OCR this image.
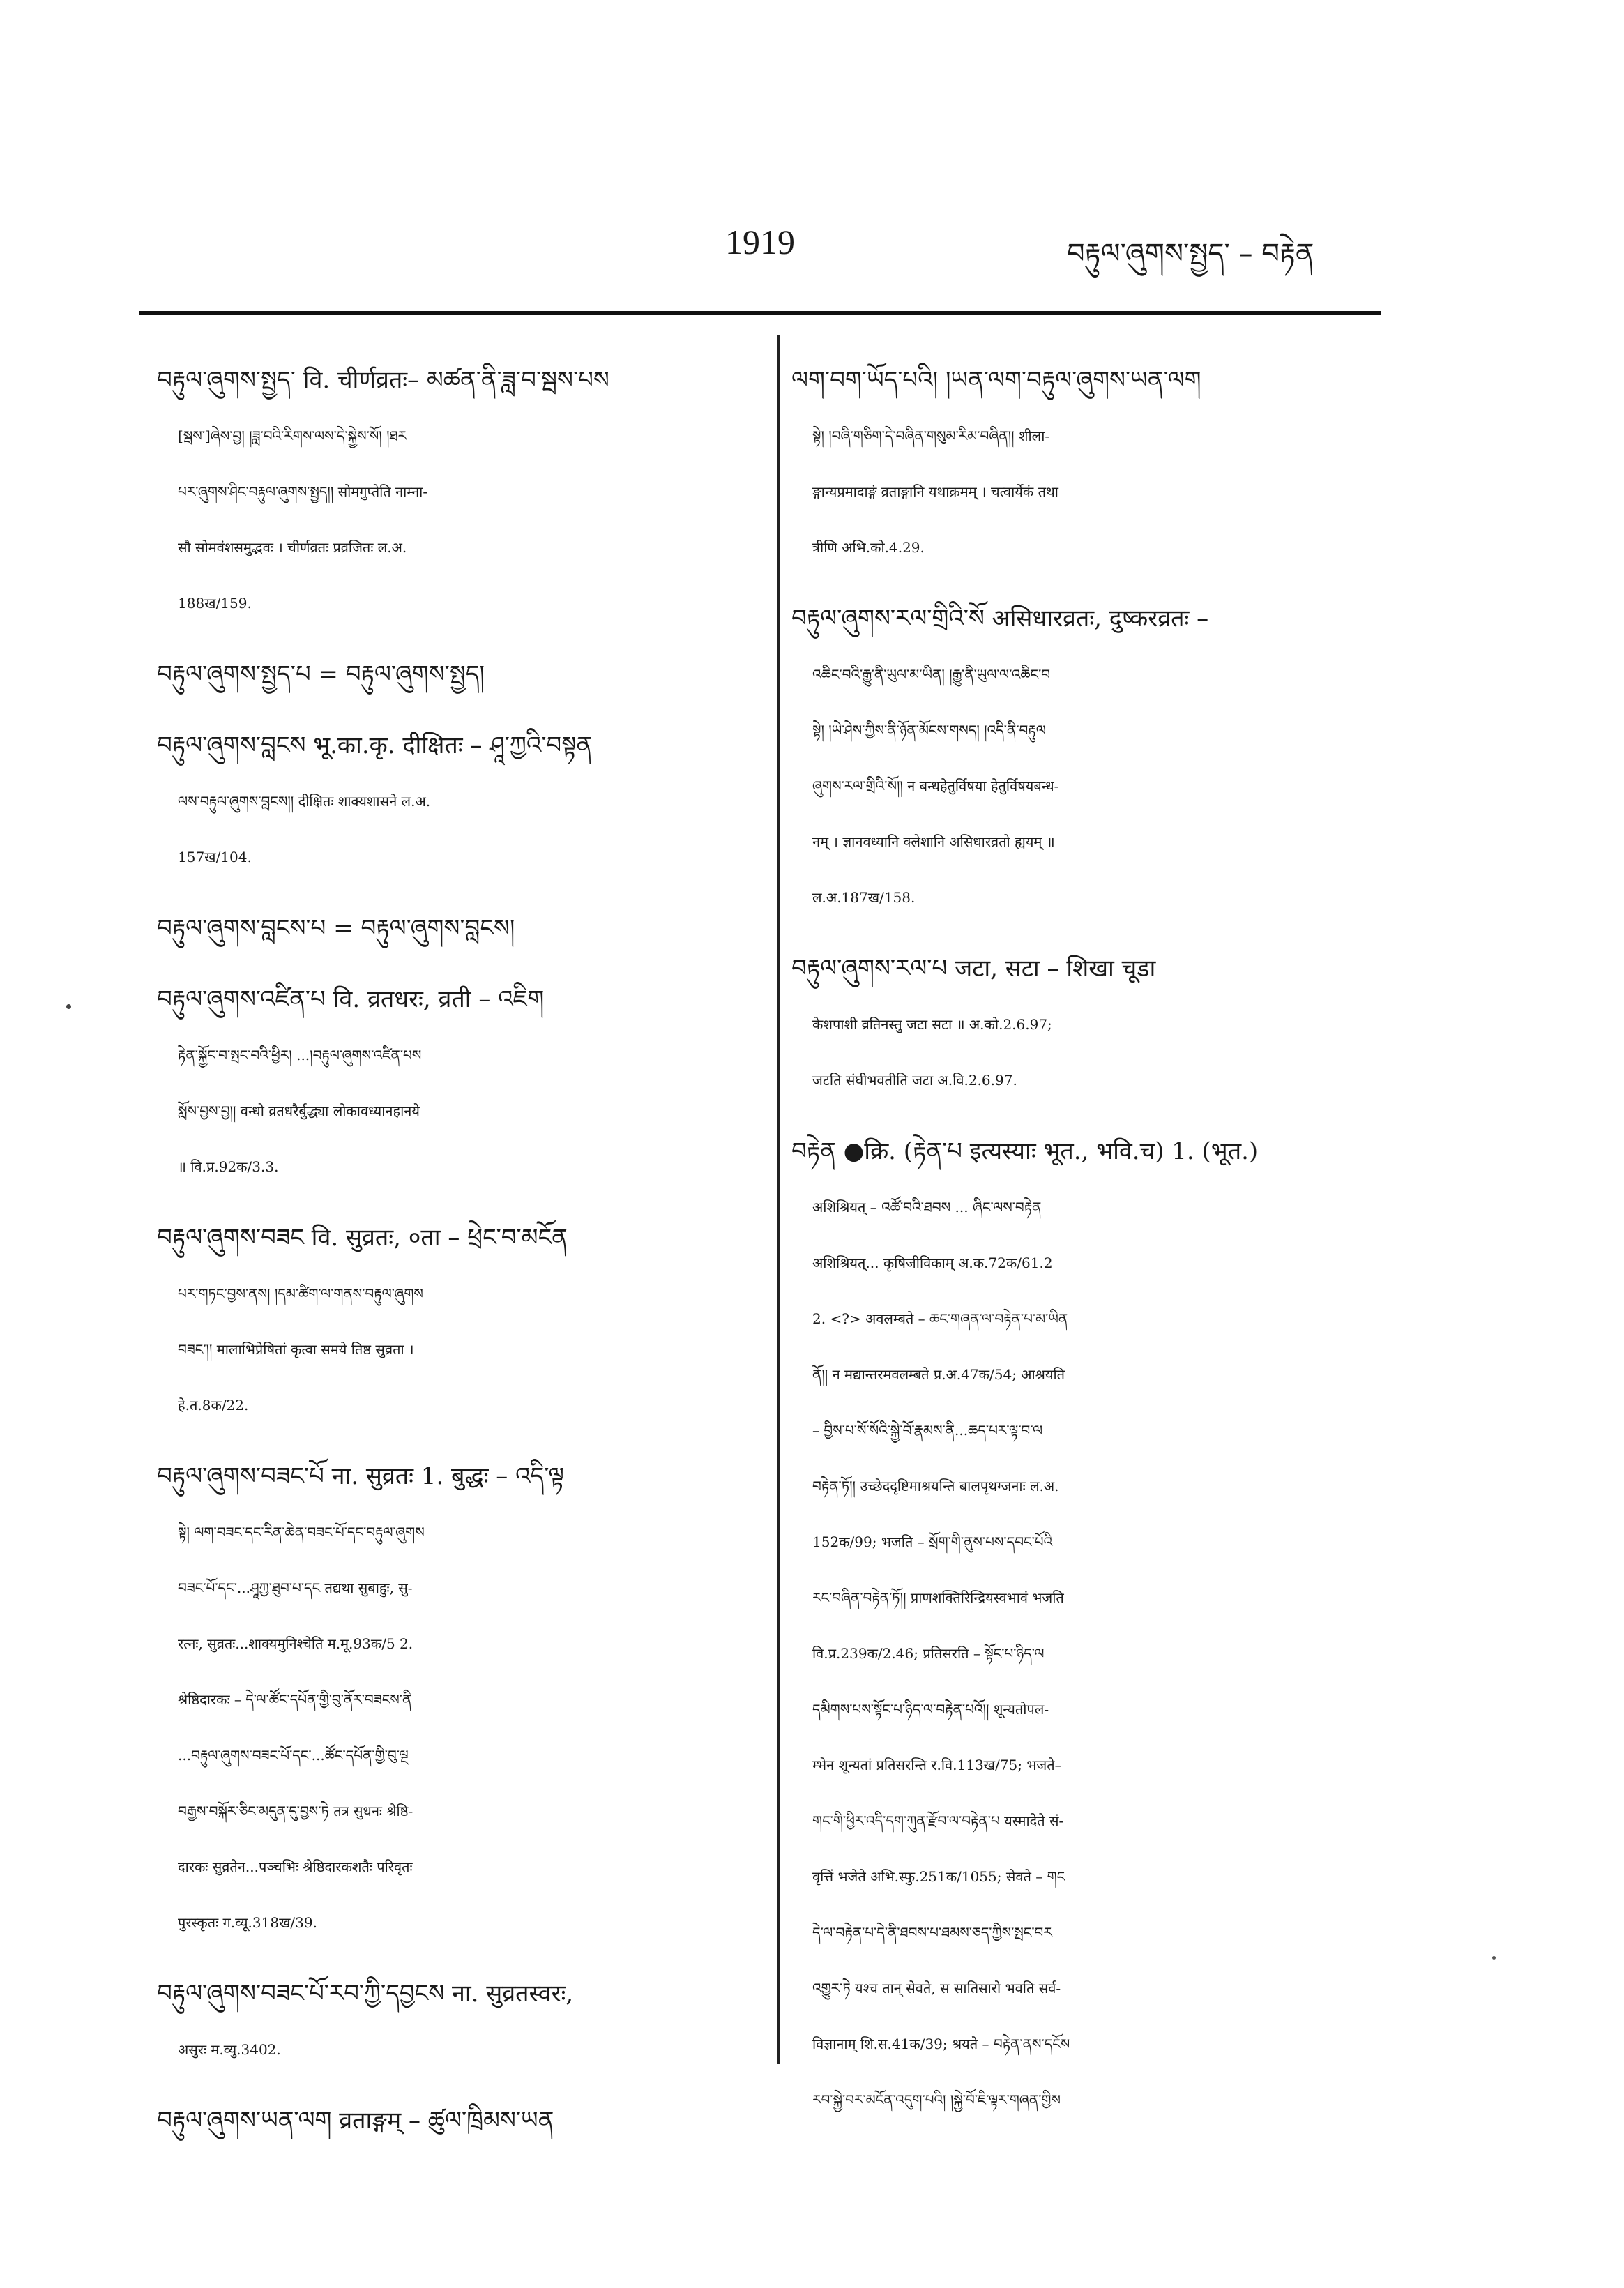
1919	བརྟུལ་ཞུགས་སྤྱད་ – བརྟེན
བརྟུལ་ཞུགས་སྤྱད་ वि. चीर्णव्रतः– མཚན་ནི་ཟླ་བ་སྦས་པས
[སྦས་]ཞེས་བྱ། །ཟླ་བའི་རིགས་ལས་དེ་སྐྱེས་སོ། །ཐར
པར་ཞུགས་ཤིང་བརྟུལ་ཞུགས་སྤྱད།། सोमगुप्तेति नाम्ना-
सौ सोमवंशसमुद्भवः । चीर्णव्रतः प्रव्रजितः ल.अ.
188ख/159.
བརྟུལ་ཞུགས་སྤྱད་པ = བརྟུལ་ཞུགས་སྤྱད།
བརྟུལ་ཞུགས་བླངས भू.का.कृ. दीक्षितः – ཤཱ་ཀྱའི་བསྟན
ལས་བརྟུལ་ཞུགས་བླངས།། दीक्षितः शाक्यशासने ल.अ.
157ख/104.
བརྟུལ་ཞུགས་བླངས་པ = བརྟུལ་ཞུགས་བླངས།
བརྟུལ་ཞུགས་འཛིན་པ वि. व्रतधरः, व्रती – འཇིག
རྟེན་སྐྱོང་བ་སྤང་བའི་ཕྱིར། ...།བརྟུལ་ཞུགས་འཛིན་པས
སློས་བྱས་བྱ།། वन्धो व्रतधरैर्बुद्ध्या लोकावध्यानहानये
॥ वि.प्र.92क/3.3.
བརྟུལ་ཞུགས་བཟང वि. सुव्रतः, ०ता – ཕྲེང་བ་མངོན
པར་གཏང་བྱས་ནས། །དམ་ཚིག་ལ་གནས་བརྟུལ་ཞུགས
བཟང་།། मालाभिप्रेषितां कृत्वा समये तिष्ठ सुव्रता ।
हे.त.8क/22.
བརྟུལ་ཞུགས་བཟང་པོ ना. सुव्रतः 1. बुद्धः – འདི་ལྟ
སྟེ། ལག་བཟང་དང་རིན་ཆེན་བཟང་པོ་དང་བརྟུལ་ཞུགས
བཟང་པོ་དང་...ཤཱཀྱ་ཐུབ་པ་དང तद्यथा सुबाहुः, सु-
रत्नः, सुव्रतः...शाक्यमुनिश्चेति म.मू.93क/5 2.
श्रेष्ठिदारकः – དེ་ལ་ཚོང་དཔོན་གྱི་བུ་ནོར་བཟངས་ནི
...བརྟུལ་ཞུགས་བཟང་པོ་དང་...ཚོང་དཔོན་གྱི་བུ་ལྔ
བརྒྱས་བསྐོར་ཅིང་མདུན་དུ་བྱས་ཏེ तत्र सुधनः श्रेष्ठि-
दारकः सुव्रतेन...पञ्चभिः श्रेष्ठिदारकशतैः परिवृतः
पुरस्कृतः ग.व्यू.318ख/39.
བརྟུལ་ཞུགས་བཟང་པོ་རབ་ཀྱི་དབྱངས ना. सुव्रतस्वरः,
असुरः म.व्यु.3402.
བརྟུལ་ཞུགས་ཡན་ལག व्रताङ्गम् – ཚུལ་ཁྲིམས་ཡན
ལག་བག་ཡོད་པའི། །ཡན་ལག་བརྟུལ་ཞུགས་ཡན་ལག
སྟེ། །བཞི་གཅིག་དེ་བཞིན་གསུམ་རིམ་བཞིན།། शीला-
ङ्गान्यप्रमादाङ्गं व्रताङ्गानि यथाक्रमम् । चत्वार्येकं तथा
त्रीणि अभि.को.4.29.
བརྟུལ་ཞུགས་རལ་གྲིའི་སོ असिधारव्रतः, दुष्करव्रतः –
འཆིང་བའི་རྒྱུ་ནི་ཡུལ་མ་ཡིན། །རྒྱུ་ནི་ཡུལ་ལ་འཆིང་བ
སྟེ། །ཡེ་ཤེས་ཀྱིས་ནི་ཉོན་མོངས་གསད། །འདི་ནི་བརྟུལ
ཞུགས་རལ་གྲིའི་སོ།། न बन्धहेतुर्विषया हेतुर्विषयबन्ध-
नम् । ज्ञानवध्यानि क्लेशानि असिधारव्रतो ह्ययम् ॥
ल.अ.187ख/158.
བརྟུལ་ཞུགས་རལ་པ जटा, सटा – शिखा चूडा
केशपाशी व्रतिनस्तु जटा सटा ॥ अ.को.2.6.97;
जटति संघीभवतीति जटा अ.वि.2.6.97.
བརྟེན ●क्रि. (རྟེན་པ इत्यस्याः भूत., भवि.च) 1. (भूत.)
अशिश्रियत् – འཚོ་བའི་ཐབས ... ཞིང་ལས་བརྟེན
अशिश्रियत्... कृषिजीविकाम् अ.क.72क/61.2
2. <?> अवलम्बते – ཆང་གཞན་ལ་བརྟེན་པ་མ་ཡིན
ནོ།། न मद्यान्तरमवलम्बते प्र.अ.47क/54; आश्रयति
– བྱིས་པ་སོ་སོའི་སྐྱེ་བོ་རྣམས་ནི...ཆད་པར་ལྟ་བ་ལ
བརྟེན་ཏོ།། उच्छेददृष्टिमाश्रयन्ति बालपृथग्जनाः ल.अ.
152क/99; भजति – སྲོག་གི་ནུས་པས་དབང་པོའི
རང་བཞིན་བརྟེན་ཏོ།། प्राणशक्तिरिन्द्रियस्वभावं भजति
वि.प्र.239क/2.46; प्रतिसरति – སྟོང་པ་ཉིད་ལ
དམིགས་པས་སྟོང་པ་ཉིད་ལ་བརྟེན་པའོ།། शून्यतोपल-
म्भेन शून्यतां प्रतिसरन्ति र.वि.113ख/75; भजते–
གང་གི་ཕྱིར་འདི་དག་ཀུན་རྫོབ་ལ་བརྟེན་པ यस्मादेते सं-
वृत्तिं भजेते अभि.स्फु.251क/1055; सेवते – གང
དེ་ལ་བརྟེན་པ་དེ་ནི་ཐབས་པ་ཐམས་ཅད་ཀྱིས་སྤང་བར
འགྱུར་ཏེ यश्च तान् सेवते, स सातिसारो भवति सर्व-
विज्ञानाम् शि.स.41क/39; श्रयते – བརྟེན་ནས་དངོས
རབ་སྐྱེ་བར་མངོན་འདུག་པའི། །སྐྱེ་བོ་ཇི་ལྟར་གཞན་གྱིས
